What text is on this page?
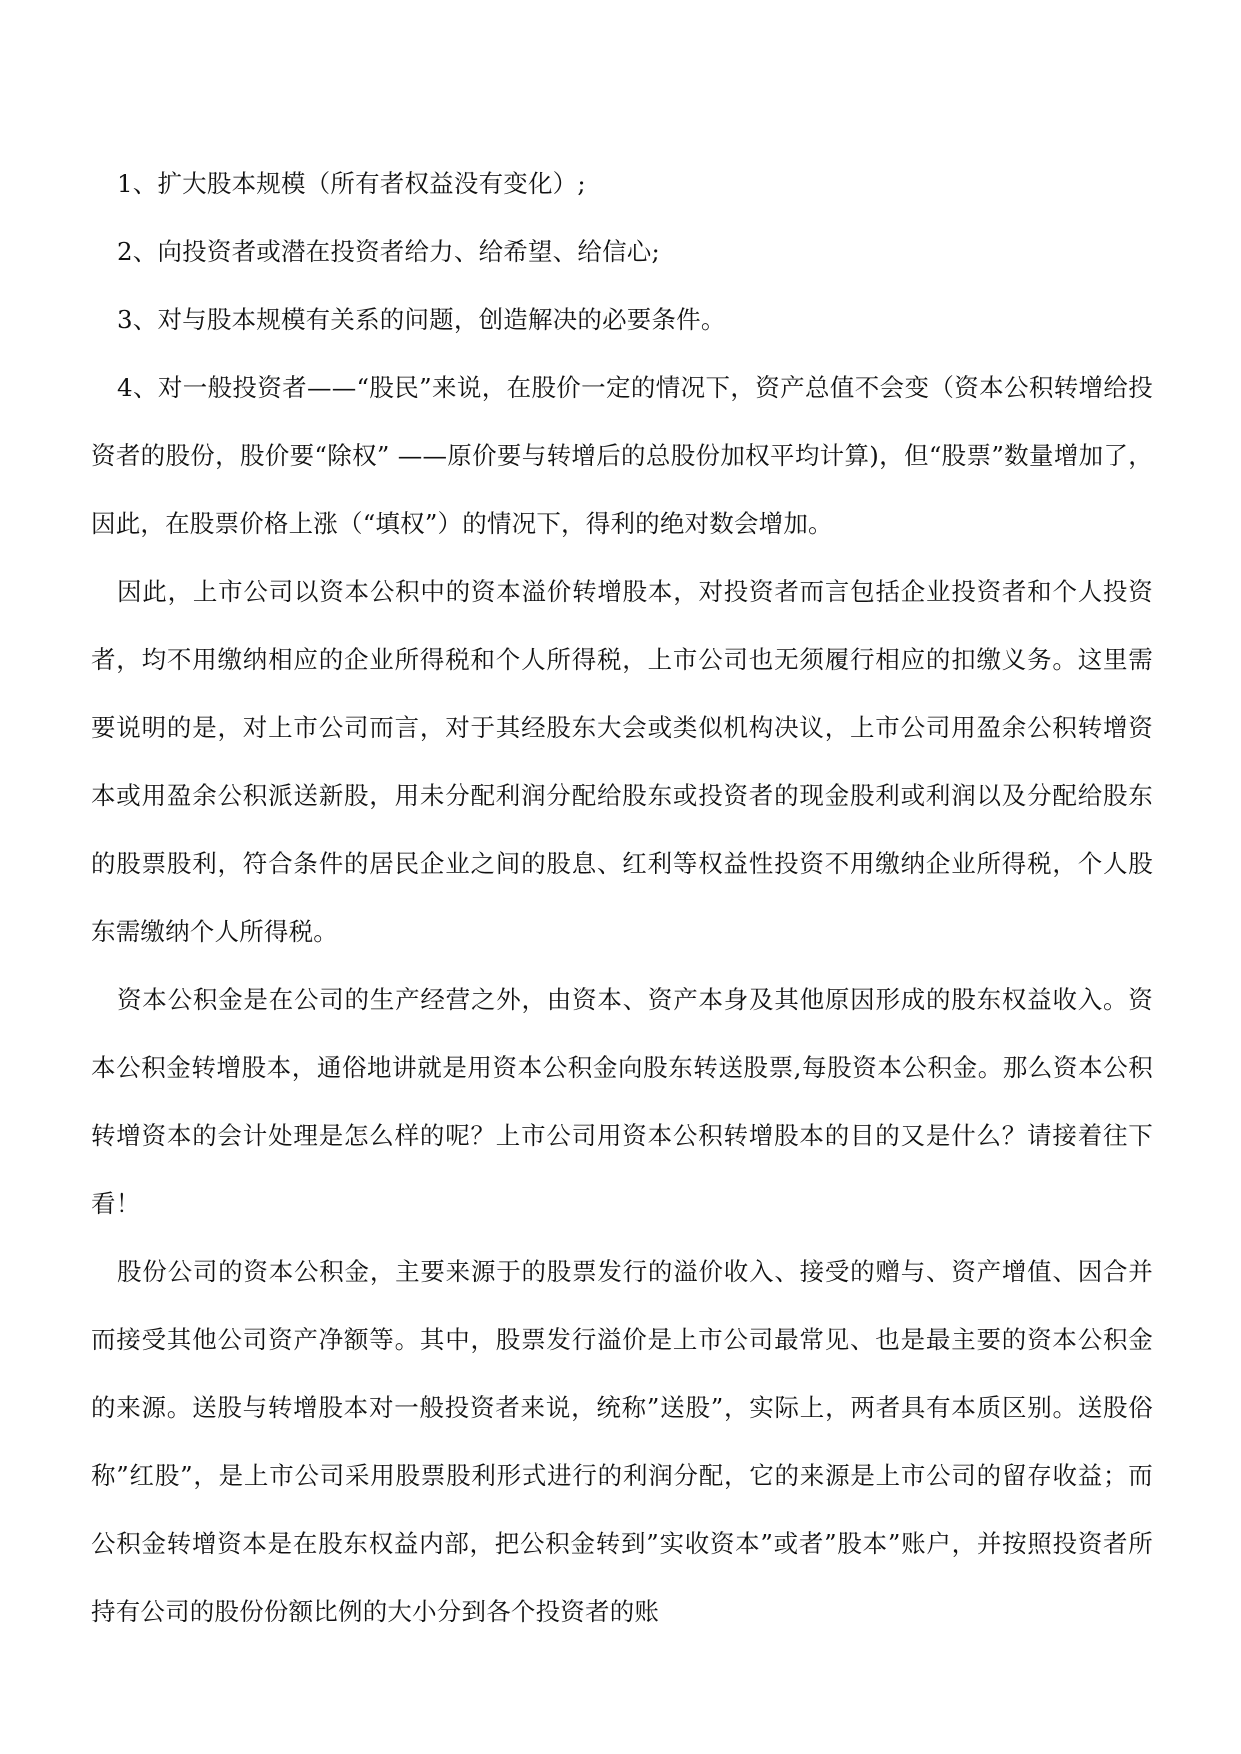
1、扩大股本规模（所有者权益没有变化）;

2、向投资者或潜在投资者给力、给希望、给信心;

3、对与股本规模有关系的问题，创造解决的必要条件。

4、对一般投资者——“股民”来说，在股价一定的情况下，资产总值不会变（资本公积转增给投资者的股份，股价要“除权” ——原价要与转增后的总股份加权平均计算)，但“股票”数量增加了，因此，在股票价格上涨（“填权”）的情况下，得利的绝对数会增加。

因此，上市公司以资本公积中的资本溢价转增股本，对投资者而言包括企业投资者和个人投资者，均不用缴纳相应的企业所得税和个人所得税，上市公司也无须履行相应的扣缴义务。这里需要说明的是，对上市公司而言，对于其经股东大会或类似机构决议，上市公司用盈余公积转增资本或用盈余公积派送新股，用未分配利润分配给股东或投资者的现金股利或利润以及分配给股东的股票股利，符合条件的居民企业之间的股息、红利等权益性投资不用缴纳企业所得税，个人股东需缴纳个人所得税。

资本公积金是在公司的生产经营之外，由资本、资产本身及其他原因形成的股东权益收入。资本公积金转增股本，通俗地讲就是用资本公积金向股东转送股票,每股资本公积金。那么资本公积转增资本的会计处理是怎么样的呢？上市公司用资本公积转增股本的目的又是什么？请接着往下看！

股份公司的资本公积金，主要来源于的股票发行的溢价收入、接受的赠与、资产增值、因合并而接受其他公司资产净额等。其中，股票发行溢价是上市公司最常见、也是最主要的资本公积金的来源。送股与转增股本对一般投资者来说，统称”送股”，实际上，两者具有本质区别。送股俗称”红股”，是上市公司采用股票股利形式进行的利润分配，它的来源是上市公司的留存收益；而公积金转增资本是在股东权益内部，把公积金转到”实收资本”或者”股本”账户，并按照投资者所持有公司的股份份额比例的大小分到各个投资者的账
